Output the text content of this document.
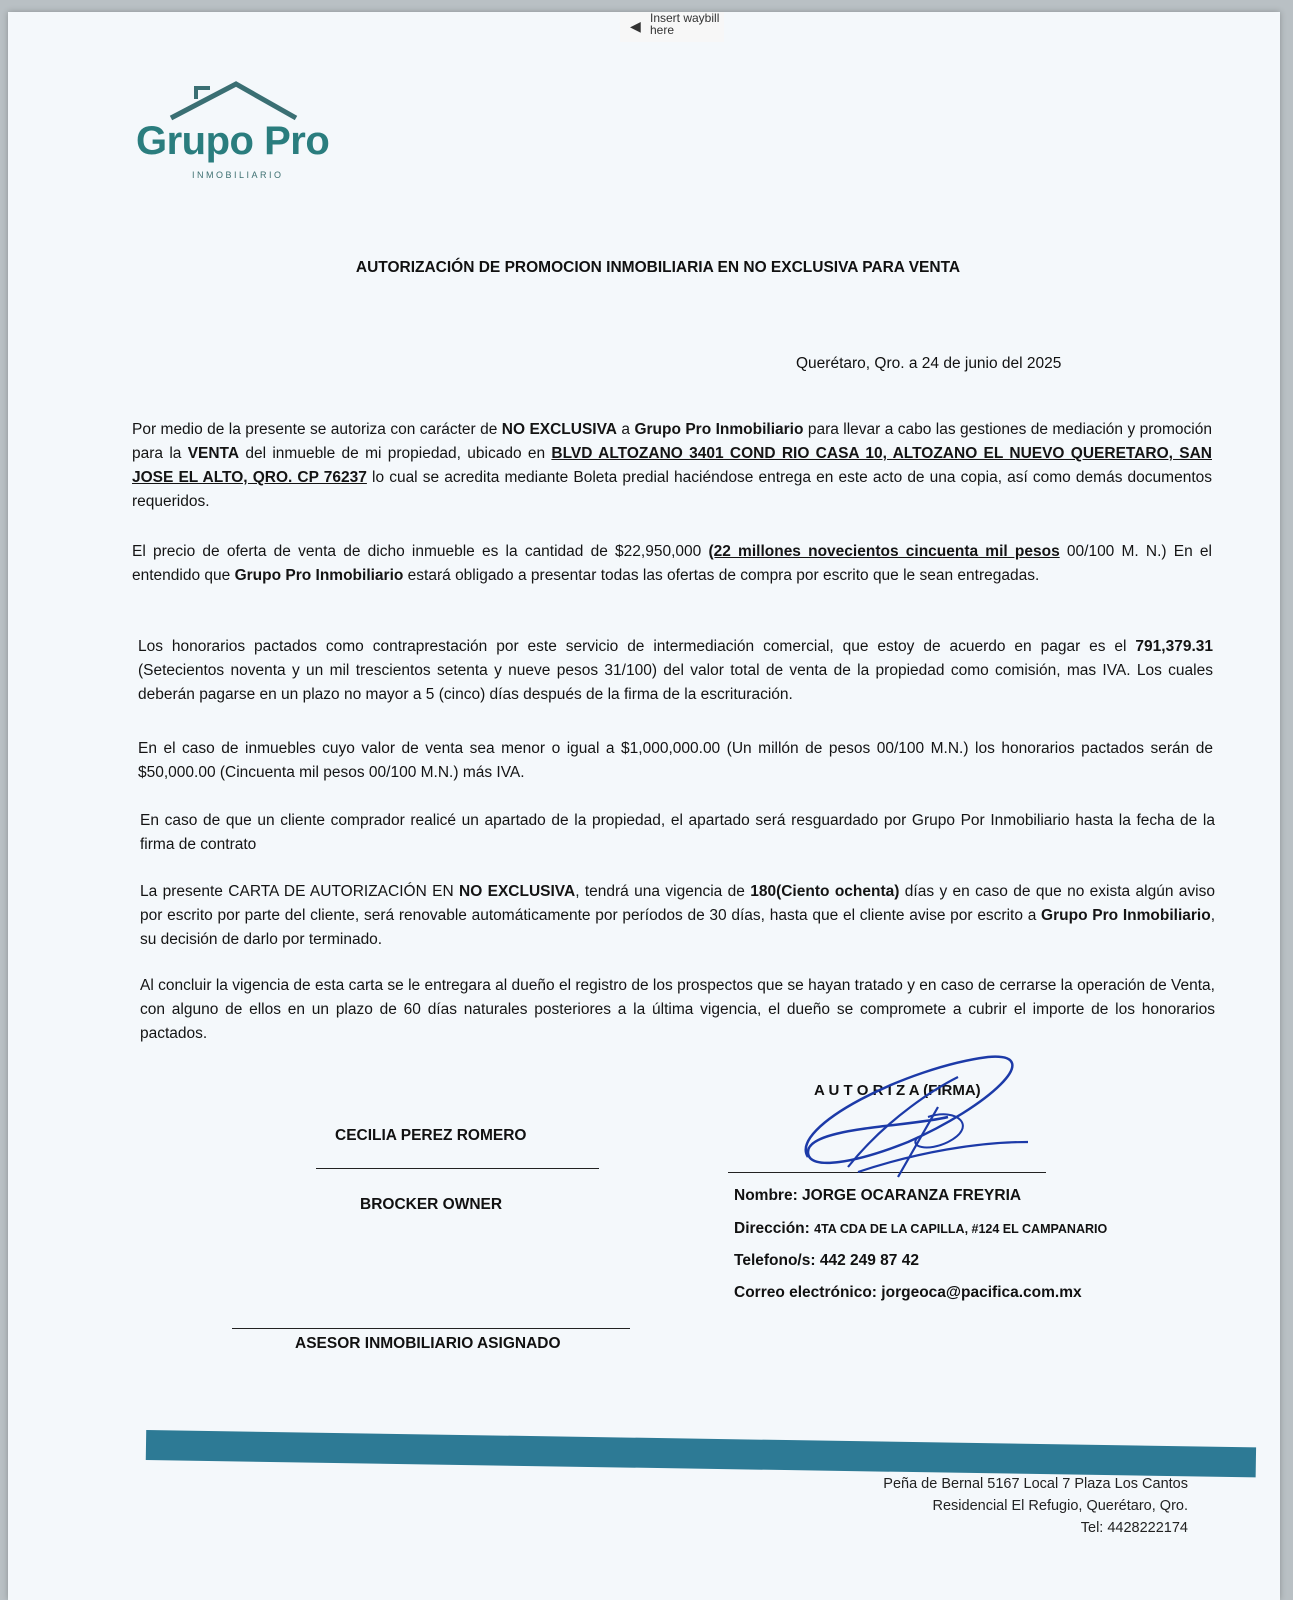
◀ Insert waybill here
Grupo Pro
INMOBILIARIO
AUTORIZACIÓN DE PROMOCION INMOBILIARIA EN NO EXCLUSIVA PARA VENTA
Querétaro, Qro. a 24 de junio del 2025
Por medio de la presente se autoriza con carácter de NO EXCLUSIVA a Grupo Pro Inmobiliario para llevar a cabo las gestiones de mediación y promoción para la VENTA del inmueble de mi propiedad, ubicado en BLVD ALTOZANO 3401 COND RIO CASA 10, ALTOZANO EL NUEVO QUERETARO, SAN JOSE EL ALTO, QRO. CP 76237 lo cual se acredita mediante Boleta predial haciéndose entrega en este acto de una copia, así como demás documentos requeridos.
El precio de oferta de venta de dicho inmueble es la cantidad de $22,950,000 (22 millones novecientos cincuenta mil pesos 00/100 M. N.) En el entendido que Grupo Pro Inmobiliario estará obligado a presentar todas las ofertas de compra por escrito que le sean entregadas.
Los honorarios pactados como contraprestación por este servicio de intermediación comercial, que estoy de acuerdo en pagar es el 791,379.31 (Setecientos noventa y un mil trescientos setenta y nueve pesos 31/100) del valor total de venta de la propiedad como comisión, mas IVA. Los cuales deberán pagarse en un plazo no mayor a 5 (cinco) días después de la firma de la escrituración.
En el caso de inmuebles cuyo valor de venta sea menor o igual a $1,000,000.00 (Un millón de pesos 00/100 M.N.) los honorarios pactados serán de $50,000.00 (Cincuenta mil pesos 00/100 M.N.) más IVA.
En caso de que un cliente comprador realicé un apartado de la propiedad, el apartado será resguardado por Grupo Por Inmobiliario hasta la fecha de la firma de contrato
La presente CARTA DE AUTORIZACIÓN EN NO EXCLUSIVA, tendrá una vigencia de 180(Ciento ochenta) días y en caso de que no exista algún aviso por escrito por parte del cliente, será renovable automáticamente por períodos de 30 días, hasta que el cliente avise por escrito a Grupo Pro Inmobiliario, su decisión de darlo por terminado.
Al concluir la vigencia de esta carta se le entregara al dueño el registro de los prospectos que se hayan tratado y en caso de cerrarse la operación de Venta, con alguno de ellos en un plazo de 60 días naturales posteriores a la última vigencia, el dueño se compromete a cubrir el importe de los honorarios pactados.
CECILIA PEREZ ROMERO
BROCKER OWNER
ASESOR INMOBILIARIO ASIGNADO
A U T O R I Z A (FIRMA)
Nombre: JORGE OCARANZA FREYRIA
Dirección: 4TA CDA DE LA CAPILLA, #124 EL CAMPANARIO
Telefono/s: 442 249 87 42
Correo electrónico: jorgeoca@pacifica.com.mx
Peña de Bernal 5167 Local 7 Plaza Los Cantos
Residencial El Refugio, Querétaro, Qro.
Tel: 4428222174
